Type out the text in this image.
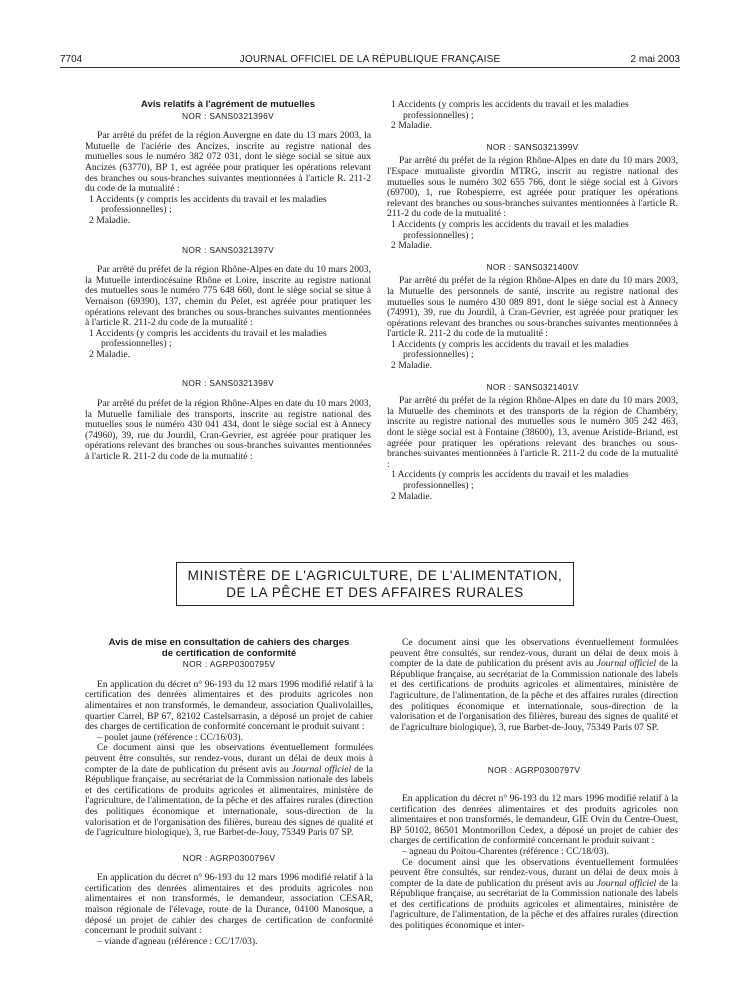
7704	JOURNAL OFFICIEL DE LA RÉPUBLIQUE FRANÇAISE	2 mai 2003

Avis relatifs à l'agrément de mutuelles

NOR : SANS0321396V

Par arrêté du préfet de la région Auvergne en date du 13 mars 2003, la Mutuelle de l'aciérie des Ancizes, inscrite au registre national des mutuelles sous le numéro 382 072 031, dont le siège social se situe aux Ancizes (63770), BP 1, est agréée pour pratiquer les opérations relevant des branches ou sous-branches suivantes mentionnées à l'article R. 211-2 du code de la mutualité :

1 Accidents (y compris les accidents du travail et les maladies professionnelles) ;

2 Maladie.

NOR : SANS0321397V

Par arrêté du préfet de la région Rhône-Alpes en date du 10 mars 2003, la Mutuelle interdiocésaine Rhône et Loire, inscrite au registre national des mutuelles sous le numéro 775 648 660, dont le siège social se situe à Vernaison (69390), 137, chemin du Pelet, est agréée pour pratiquer les opérations relevant des branches ou sous-branches suivantes mentionnées à l'article R. 211-2 du code de la mutualité :

1 Accidents (y compris les accidents du travail et les maladies professionnelles) ;

2 Maladie.

NOR : SANS0321398V

Par arrêté du préfet de la région Rhône-Alpes en date du 10 mars 2003, la Mutuelle familiale des transports, inscrite au registre national des mutuelles sous le numéro 430 041 434, dont le siège social est à Annecy (74960), 39, rue du Jourdil, Cran-Gevrier, est agréée pour pratiquer les opérations relevant des branches ou sous-branches suivantes mentionnées à l'article R. 211-2 du code de la mutualité :

1 Accidents (y compris les accidents du travail et les maladies professionnelles) ;

2 Maladie.

NOR : SANS0321399V

Par arrêté du préfet de la région Rhône-Alpes en date du 10 mars 2003, l'Espace mutualiste givordin MTRG, inscrit au registre national des mutuelles sous le numéro 302 655 766, dont le siège social est à Givors (69700), 1, rue Robespierre, est agréée pour pratiquer les opérations relevant des branches ou sous-branches suivantes mentionnées à l'article R. 211-2 du code de la mutualité :

1 Accidents (y compris les accidents du travail et les maladies professionnelles) ;

2 Maladie.

NOR : SANS0321400V

Par arrêté du préfet de la région Rhône-Alpes en date du 10 mars 2003, la Mutuelle des personnels de santé, inscrite au registre national des mutuelles sous le numéro 430 089 891, dont le siège social est à Annecy (74991), 39, rue du Jourdil, à Cran-Gevrier, est agréée pour pratiquer les opérations relevant des branches ou sous-branches suivantes mentionnées à l'article R. 211-2 du code de la mutualité :

1 Accidents (y compris les accidents du travail et les maladies professionnelles) ;

2 Maladie.

NOR : SANS0321401V

Par arrêté du préfet de la région Rhône-Alpes en date du 10 mars 2003, la Mutuelle des cheminots et des transports de la région de Chambéry, inscrite au registre national des mutuelles sous le numéro 305 242 463, dont le siège social est à Fontaine (38600), 13, avenue Aristide-Briand, est agréée pour pratiquer les opérations relevant des branches ou sous-branches suivantes mentionnées à l'article R. 211-2 du code de la mutualité :

1 Accidents (y compris les accidents du travail et les maladies professionnelles) ;

2 Maladie.

MINISTÈRE DE L'AGRICULTURE, DE L'ALIMENTATION,
DE LA PÊCHE ET DES AFFAIRES RURALES

Avis de mise en consultation de cahiers des charges

de certification de conformité

NOR : AGRP0300795V

En application du décret n° 96-193 du 12 mars 1996 modifié relatif à la certification des denrées alimentaires et des produits agricoles non alimentaires et non transformés, le demandeur, association Qualivolailles, quartier Carrel, BP 67, 82102 Castelsarrasin, a déposé un projet de cahier des charges de certification de conformité concernant le produit suivant :

– poulet jaune (référence : CC/16/03).

Ce document ainsi que les observations éventuellement formulées peuvent être consultés, sur rendez-vous, durant un délai de deux mois à compter de la date de publication du présent avis au Journal officiel de la République française, au secrétariat de la Commission nationale des labels et des certifications de produits agricoles et alimentaires, ministère de l'agriculture, de l'alimentation, de la pêche et des affaires rurales (direction des politiques économique et internationale, sous-direction de la valorisation et de l'organisation des filières, bureau des signes de qualité et de l'agriculture biologique), 3, rue Barbet-de-Jouy, 75349 Paris 07 SP.

NOR : AGRP0300796V

En application du décret n° 96-193 du 12 mars 1996 modifié relatif à la certification des denrées alimentaires et des produits agricoles non alimentaires et non transformés, le demandeur, association CESAR, maison régionale de l'élevage, route de la Durance, 04100 Manosque, a déposé un projet de cahier des charges de certification de conformité concernant le produit suivant :

– viande d'agneau (référence : CC/17/03).

Ce document ainsi que les observations éventuellement formulées peuvent être consultés, sur rendez-vous, durant un délai de deux mois à compter de la date de publication du présent avis au Journal officiel de la République française, au secrétariat de la Commission nationale des labels et des certifications de produits agricoles et alimentaires, ministère de l'agriculture, de l'alimentation, de la pêche et des affaires rurales (direction des politiques économique et internationale, sous-direction de la valorisation et de l'organisation des filières, bureau des signes de qualité et de l'agriculture biologique), 3, rue Barbet-de-Jouy, 75349 Paris 07 SP.

NOR : AGRP0300797V

En application du décret n° 96-193 du 12 mars 1996 modifié relatif à la certification des denrées alimentaires et des produits agricoles non alimentaires et non transformés, le demandeur, GIE Ovin du Centre-Ouest, BP 50102, 86501 Montmorillon Cedex, a déposé un projet de cahier des charges de certification de conformité concernant le produit suivant :

– agneau du Poitou-Charentes (référence : CC/18/03).

Ce document ainsi que les observations éventuellement formulées peuvent être consultés, sur rendez-vous, durant un délai de deux mois à compter de la date de publication du présent avis au Journal officiel de la République française, au secrétariat de la Commission nationale des labels et des certifications de produits agricoles et alimentaires, ministère de l'agriculture, de l'alimentation, de la pêche et des affaires rurales (direction des politiques économique et inter-
